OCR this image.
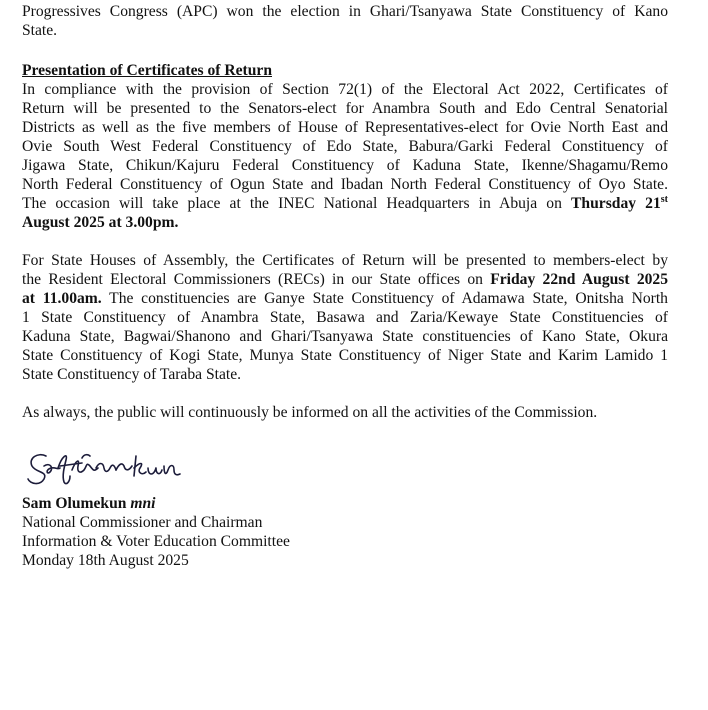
Progressives Congress (APC) won the election in Ghari/Tsanyawa State Constituency of Kano
State.
Presentation of Certificates of Return
In compliance with the provision of Section 72(1) of the Electoral Act 2022, Certificates of
Return will be presented to the Senators-elect for Anambra South and Edo Central Senatorial
Districts as well as the five members of House of Representatives-elect for Ovie North East and
Ovie South West Federal Constituency of Edo State, Babura/Garki Federal Constituency of
Jigawa State, Chikun/Kajuru Federal Constituency of Kaduna State, Ikenne/Shagamu/Remo
North Federal Constituency of Ogun State and Ibadan North Federal Constituency of Oyo State.
The occasion will take place at the INEC National Headquarters in Abuja on Thursday 21st
August 2025 at 3.00pm.
For State Houses of Assembly, the Certificates of Return will be presented to members-elect by
the Resident Electoral Commissioners (RECs) in our State offices on Friday 22nd August 2025
at 11.00am. The constituencies are Ganye State Constituency of Adamawa State, Onitsha North
1 State Constituency of Anambra State, Basawa and Zaria/Kewaye State Constituencies of
Kaduna State, Bagwai/Shanono and Ghari/Tsanyawa State constituencies of Kano State, Okura
State Constituency of Kogi State, Munya State Constituency of Niger State and Karim Lamido 1
State Constituency of Taraba State.
As always, the public will continuously be informed on all the activities of the Commission.
Sam Olumekun mni
National Commissioner and Chairman
Information & Voter Education Committee
Monday 18th August 2025
